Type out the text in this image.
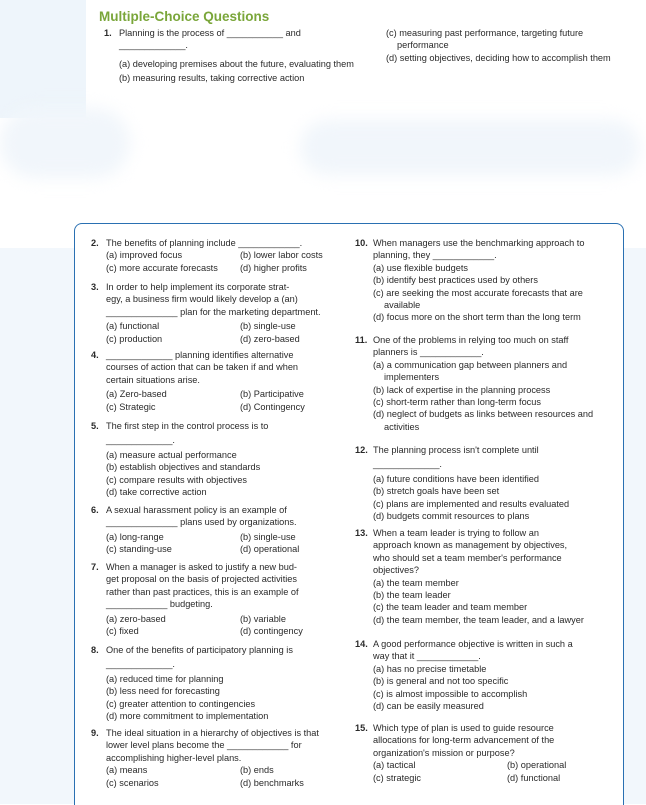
Multiple-Choice Questions
1. Planning is the process of ___________ and

_____________.

(a) developing premises about the future, evaluating them
(b) measuring results, taking corrective action
(c) measuring past performance, targeting future performance
(d) setting objectives, deciding how to accomplish them
2. The benefits of planning include ____________.

(a) improved focus	(b) lower labor costs
(c) more accurate forecasts	(d) higher profits
3. In order to help implement its corporate strat-

egy, a business firm would likely develop a (an)

______________ plan for the marketing department.

(a) functional	(b) single-use
(c) production	(d) zero-based
4. _____________ planning identifies alternative

courses of action that can be taken if and when

certain situations arise.

(a) Zero-based	(b) Participative
(c) Strategic	(d) Contingency
5. The first step in the control process is to

_____________.

(a) measure actual performance
(b) establish objectives and standards
(c) compare results with objectives
(d) take corrective action
6. A sexual harassment policy is an example of

______________ plans used by organizations.

(a) long-range	(b) single-use
(c) standing-use	(d) operational
7. When a manager is asked to justify a new bud-

get proposal on the basis of projected activities

rather than past practices, this is an example of

____________ budgeting.

(a) zero-based	(b) variable
(c) fixed	(d) contingency
8. One of the benefits of participatory planning is

_____________.

(a) reduced time for planning
(b) less need for forecasting
(c) greater attention to contingencies
(d) more commitment to implementation
9. The ideal situation in a hierarchy of objectives is that

lower level plans become the ____________ for

accomplishing higher-level plans.

(a) means	(b) ends
(c) scenarios	(d) benchmarks
10. When managers use the benchmarking approach to

planning, they ____________.

(a) use flexible budgets
(b) identify best practices used by others
(c) are seeking the most accurate forecasts that are available
(d) focus more on the short term than the long term
11. One of the problems in relying too much on staff

planners is ____________.

(a) a communication gap between planners and implementers
(b) lack of expertise in the planning process
(c) short-term rather than long-term focus
(d) neglect of budgets as links between resources and activities
12. The planning process isn't complete until

_____________.

(a) future conditions have been identified
(b) stretch goals have been set
(c) plans are implemented and results evaluated
(d) budgets commit resources to plans
13. When a team leader is trying to follow an

approach known as management by objectives,

who should set a team member's performance

objectives?

(a) the team member
(b) the team leader
(c) the team leader and team member
(d) the team member, the team leader, and a lawyer
14. A good performance objective is written in such a

way that it ____________.

(a) has no precise timetable
(b) is general and not too specific
(c) is almost impossible to accomplish
(d) can be easily measured
15. Which type of plan is used to guide resource

allocations for long-term advancement of the

organization's mission or purpose?

(a) tactical	(b) operational
(c) strategic	(d) functional
